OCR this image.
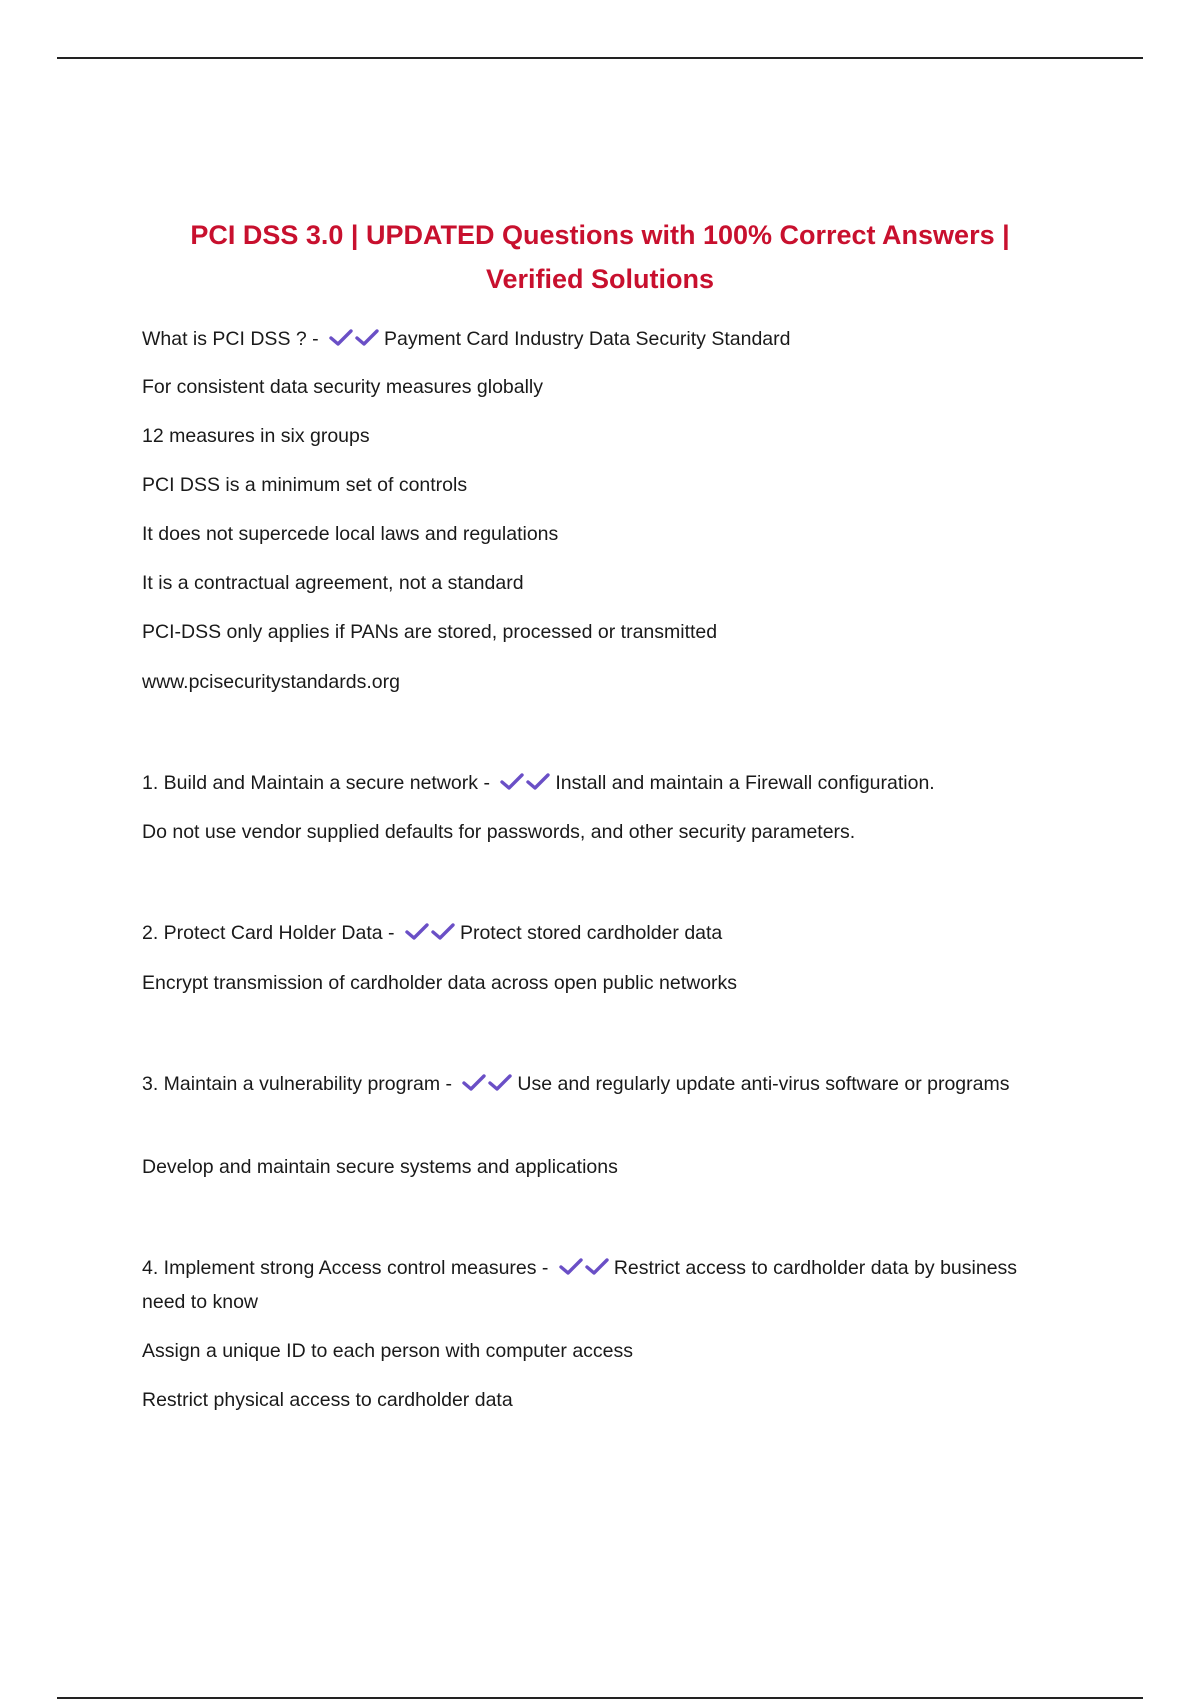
PCI DSS 3.0 | UPDATED Questions with 100% Correct Answers |
Verified Solutions
What is PCI DSS ? -	Payment Card Industry Data Security Standard
For consistent data security measures globally
12 measures in six groups
PCI DSS is a minimum set of controls
It does not supercede local laws and regulations
It is a contractual agreement, not a standard
PCI-DSS only applies if PANs are stored, processed or transmitted
www.pcisecuritystandards.org
1. Build and Maintain a secure network -	Install and maintain a Firewall configuration.
Do not use vendor supplied defaults for passwords, and other security parameters.
2. Protect Card Holder Data -	Protect stored cardholder data
Encrypt transmission of cardholder data across open public networks
3. Maintain a vulnerability program -	Use and regularly update anti-virus software or programs
Develop and maintain secure systems and applications
4. Implement strong Access control measures -	Restrict access to cardholder data by business need to know
Assign a unique ID to each person with computer access
Restrict physical access to cardholder data
